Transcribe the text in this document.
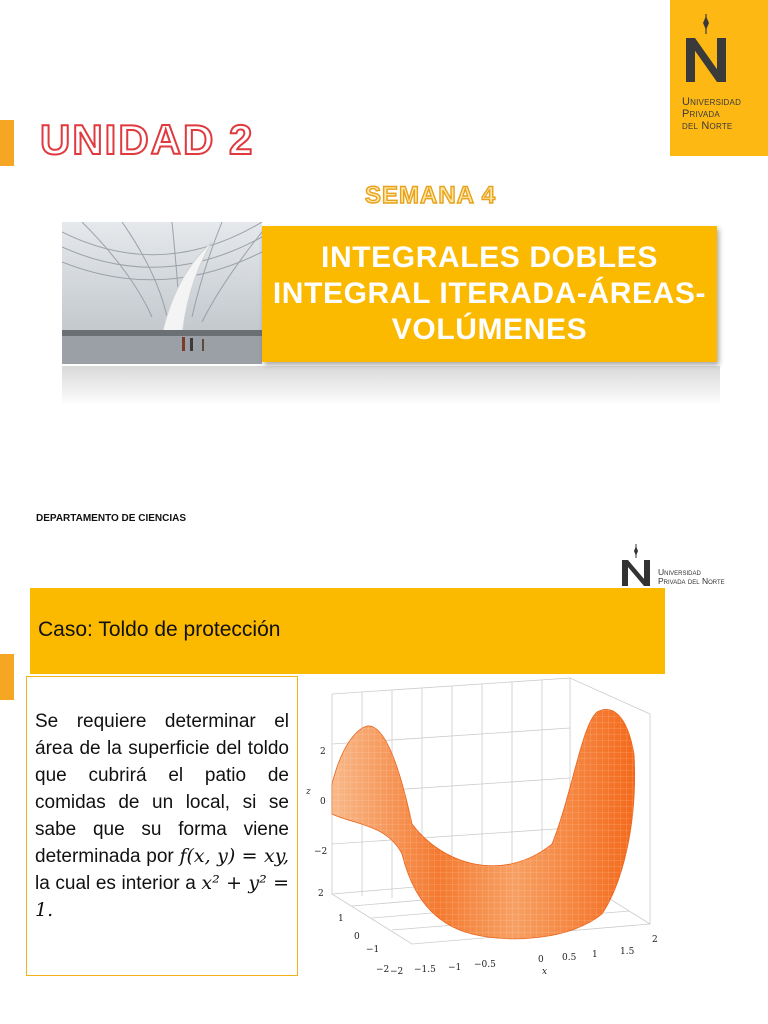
Universidad
Privada
del Norte
UNIDAD 2
SEMANA 4
INTEGRALES DOBLES
INTEGRAL ITERADA-ÁREAS-
VOLÚMENES
DEPARTAMENTO DE CIENCIAS
Universidad
Privada del Norte
Caso: Toldo de protección

Se requiere determinar el área de la superficie del toldo que cubrirá el patio de comidas de un local, si se sabe que su forma viene determinada por f(x, y) = xy, la cual es interior a x² + y² = 1.

2
0
−2
z
2
1
0
−1
−2 −2 −1.5 −1 −0.5	0 0.5 1 1.5
2
x
